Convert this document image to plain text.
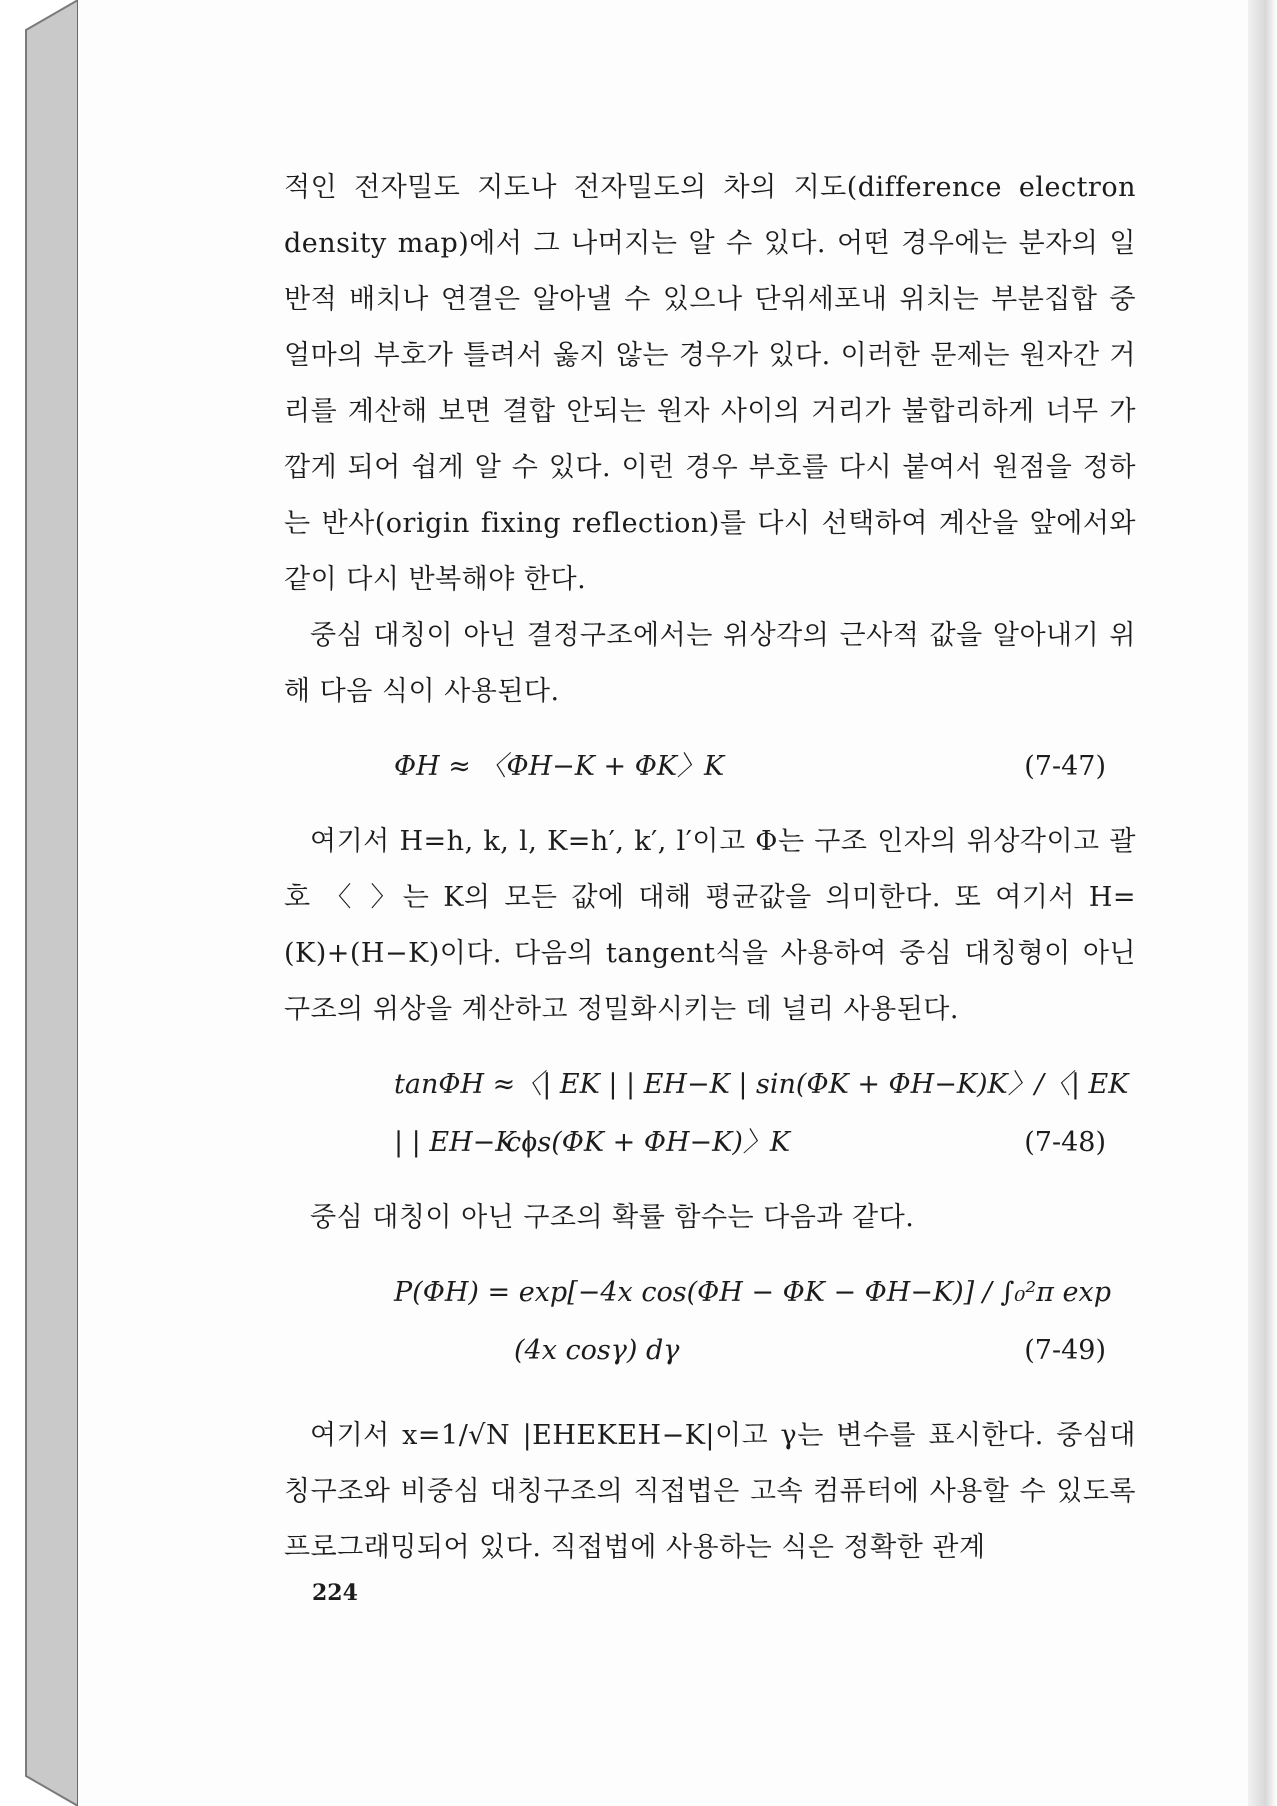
적인 전자밀도 지도나 전자밀도의 차의 지도(difference electron density map)에서 그 나머지는 알 수 있다. 어떤 경우에는 분자의 일반적 배치나 연결은 알아낼 수 있으나 단위세포내 위치는 부분집합 중 얼마의 부호가 틀려서 옳지 않는 경우가 있다. 이러한 문제는 원자간 거리를 계산해 보면 결합 안되는 원자 사이의 거리가 불합리하게 너무 가깝게 되어 쉽게 알 수 있다. 이런 경우 부호를 다시 붙여서 원점을 정하는 반사(origin fixing reflection)를 다시 선택하여 계산을 앞에서와 같이 다시 반복해야 한다.

중심 대칭이 아닌 결정구조에서는 위상각의 근사적 값을 알아내기 위해 다음 식이 사용된다.

ΦH ≈ 〈ΦH−K + ΦK〉K	(7-47)

여기서 H=h, k, l, K=h′, k′, l′이고 Φ는 구조 인자의 위상각이고 괄호 〈 〉는 K의 모든 값에 대해 평균값을 의미한다. 또 여기서 H=(K)+(H−K)이다. 다음의 tangent식을 사용하여 중심 대칭형이 아닌 구조의 위상을 계산하고 정밀화시키는 데 널리 사용된다.

tanΦH ≈〈| EK | | EH−K | sin(ΦK + ΦH−K)K〉/〈| EK | | EH−K |
cos(ΦK + ΦH−K)〉K	(7-48)

중심 대칭이 아닌 구조의 확률 함수는 다음과 같다.

P(ΦH) = exp[−4x cos(ΦH − ΦK − ΦH−K)] / ∫₀²π exp
(4x cosγ) dγ	(7-49)

여기서 x=1/√N |EHEKEH−K|이고 γ는 변수를 표시한다. 중심대칭구조와 비중심 대칭구조의 직접법은 고속 컴퓨터에 사용할 수 있도록 프로그래밍되어 있다. 직접법에 사용하는 식은 정확한 관계

224
